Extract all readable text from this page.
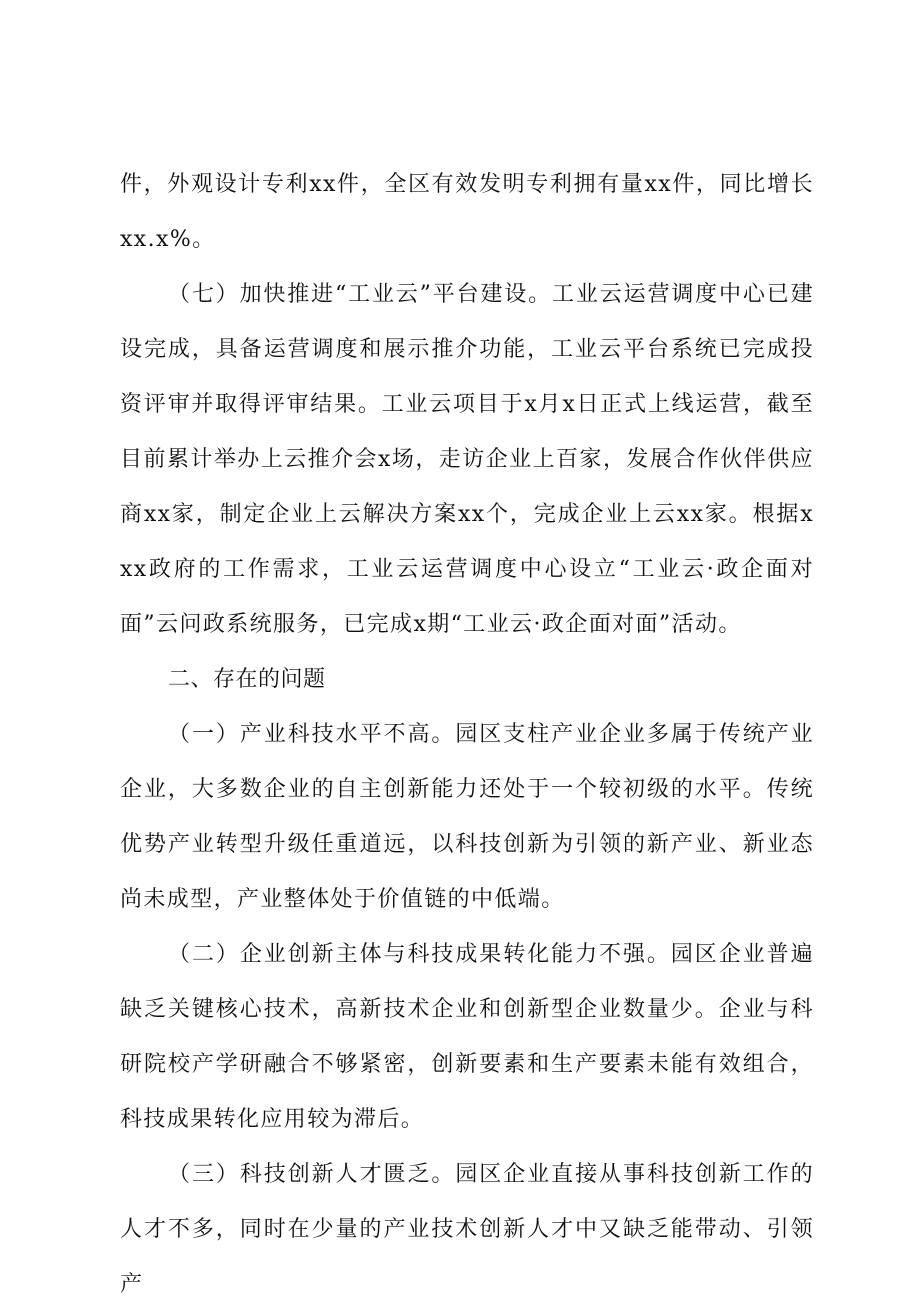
件，外观设计专利xx件，全区有效发明专利拥有量xx件，同比增长xx.x%。

（七）加快推进“工业云”平台建设。工业云运营调度中心已建设完成，具备运营调度和展示推介功能，工业云平台系统已完成投资评审并取得评审结果。工业云项目于x月x日正式上线运营，截至目前累计举办上云推介会x场，走访企业上百家，发展合作伙伴供应商xx家，制定企业上云解决方案xx个，完成企业上云xx家。根据xxx政府的工作需求，工业云运营调度中心设立“工业云·政企面对面”云问政系统服务，已完成x期“工业云·政企面对面”活动。

二、存在的问题

（一）产业科技水平不高。园区支柱产业企业多属于传统产业企业，大多数企业的自主创新能力还处于一个较初级的水平。传统优势产业转型升级任重道远，以科技创新为引领的新产业、新业态尚未成型，产业整体处于价值链的中低端。

（二）企业创新主体与科技成果转化能力不强。园区企业普遍缺乏关键核心技术，高新技术企业和创新型企业数量少。企业与科研院校产学研融合不够紧密，创新要素和生产要素未能有效组合，科技成果转化应用较为滞后。

（三）科技创新人才匮乏。园区企业直接从事科技创新工作的人才不多，同时在少量的产业技术创新人才中又缺乏能带动、引领产
